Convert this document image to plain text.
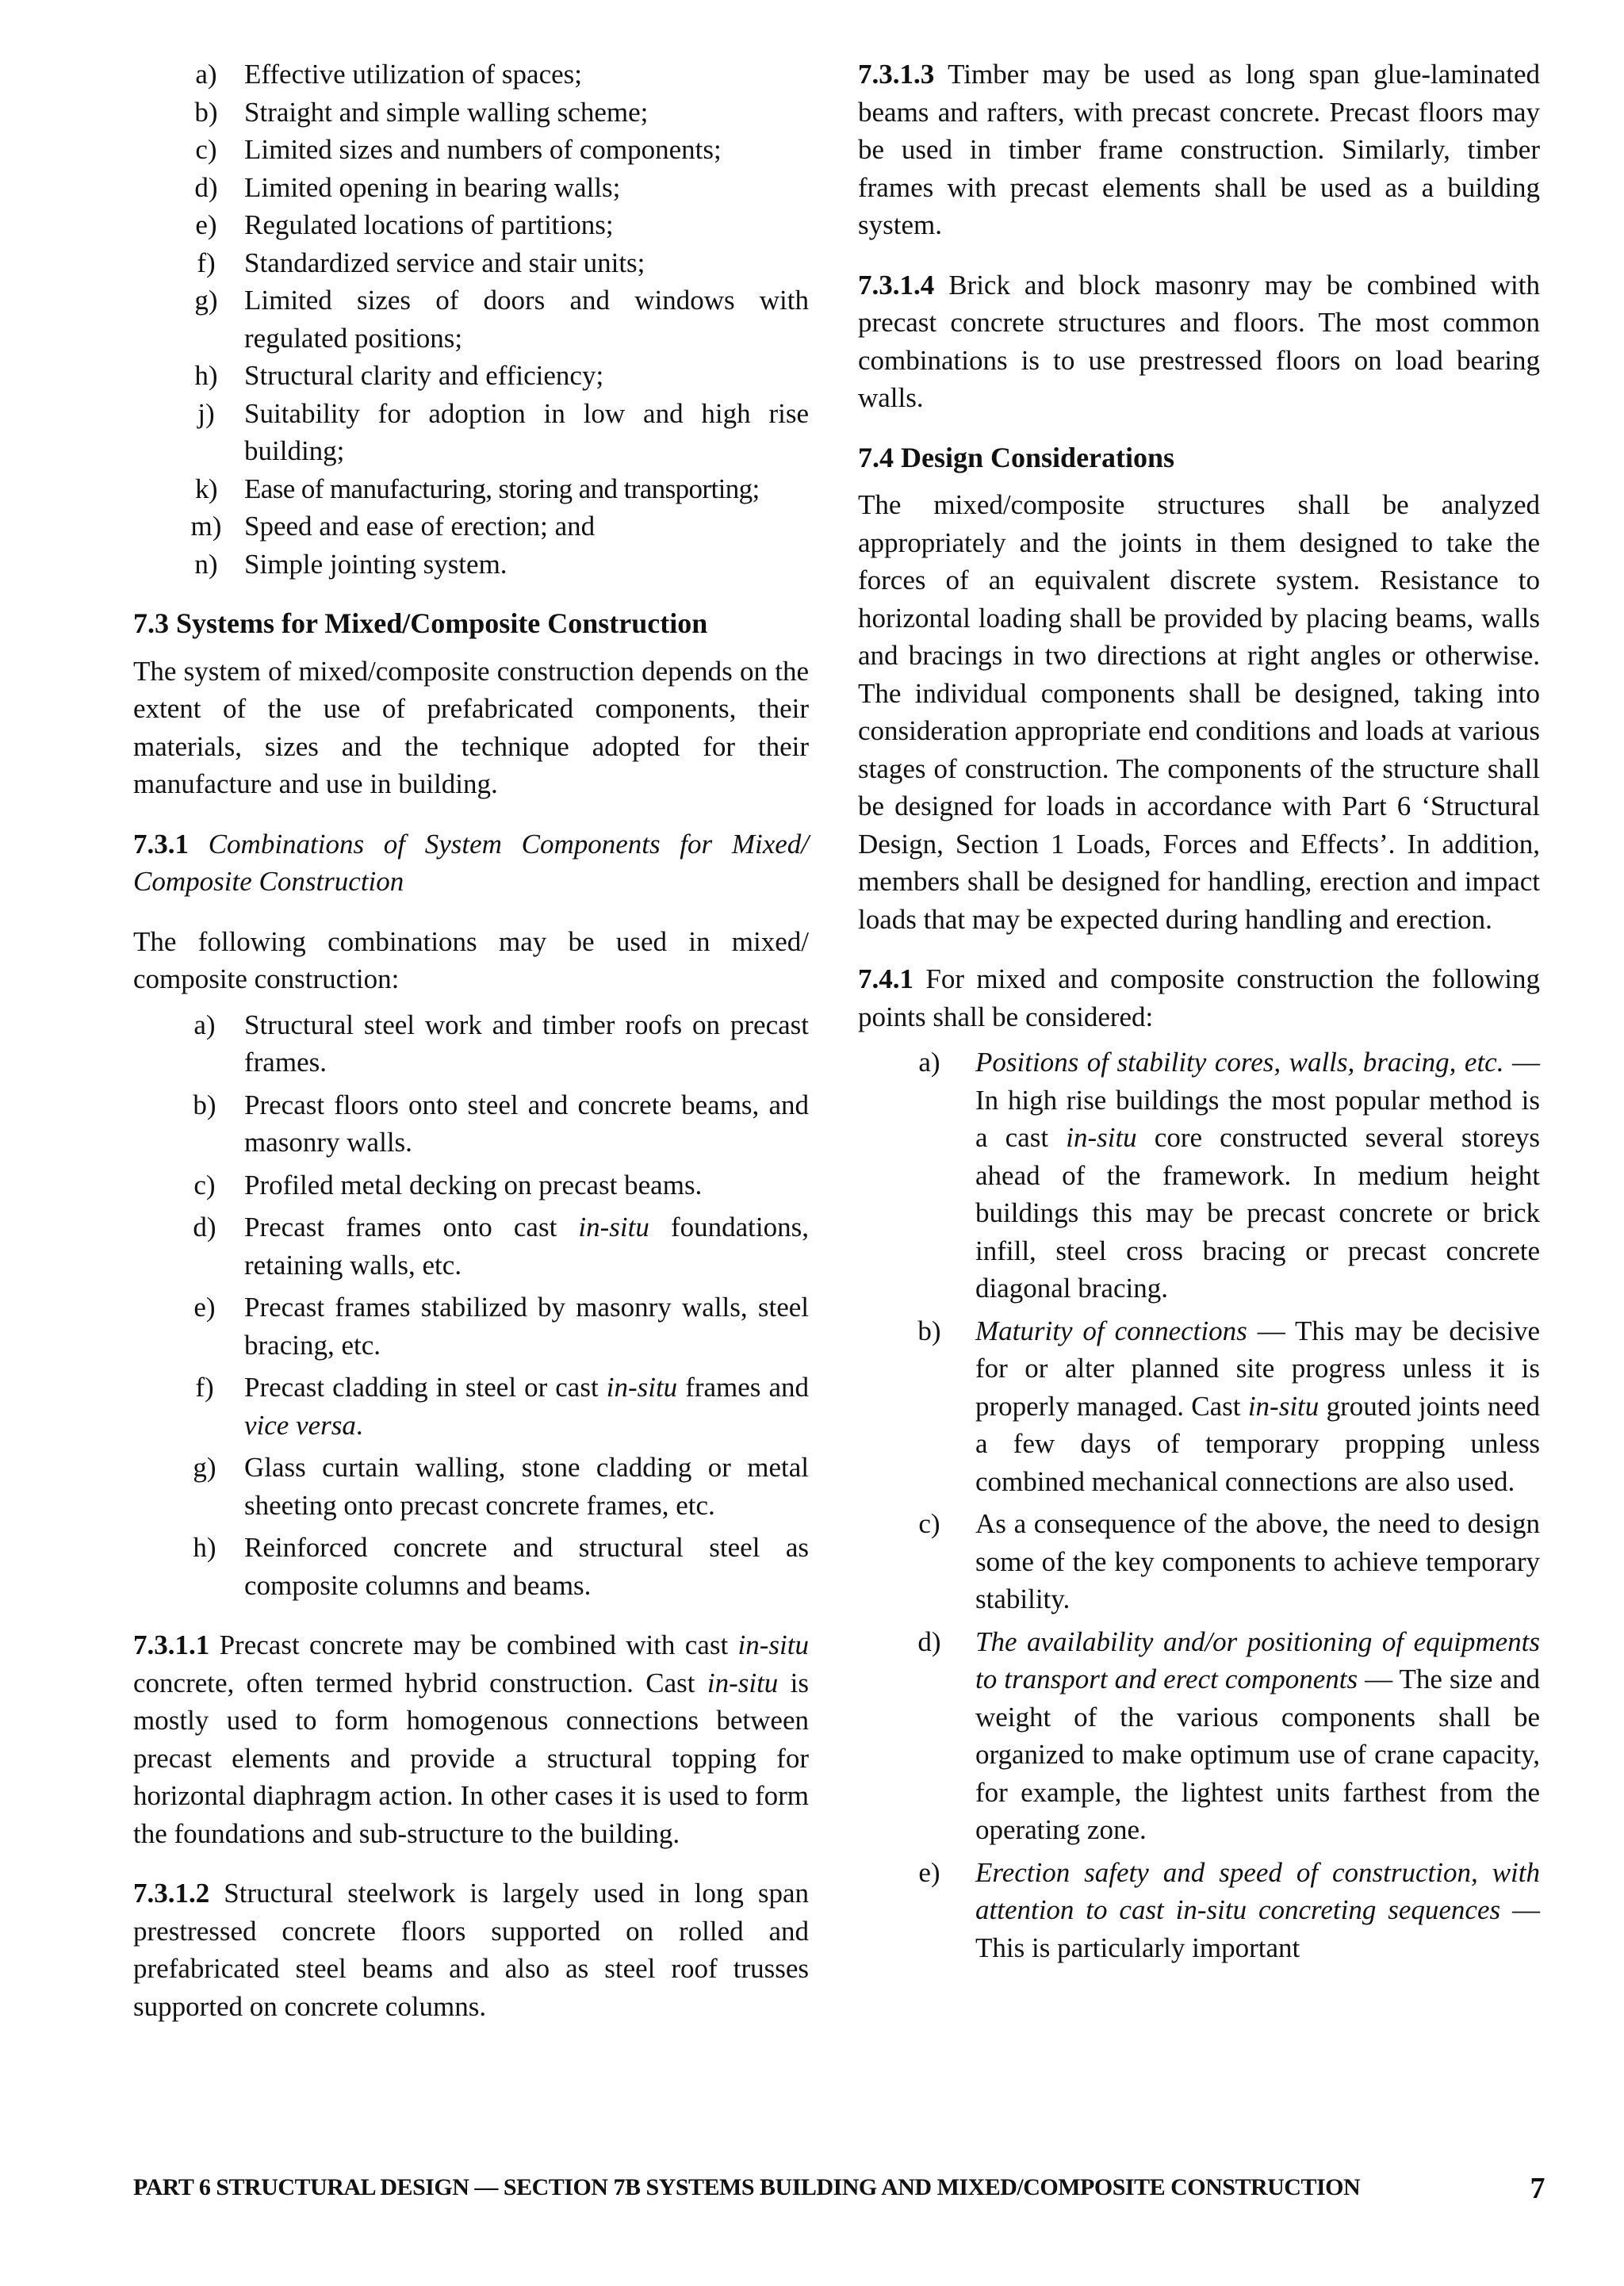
a) Effective utilization of spaces;
b) Straight and simple walling scheme;
c) Limited sizes and numbers of components;
d) Limited opening in bearing walls;
e) Regulated locations of partitions;
f)	Standardized service and stair units;
g) Limited sizes of doors and windows with regulated positions;
h) Structural clarity and efficiency;
j)	Suitability for adoption in low and high rise building;
k) Ease of manufacturing, storing and transporting;
m) Speed and ease of erection; and
n) Simple jointing system.

7.3 Systems for Mixed/Composite Construction

The system of mixed/composite construction depends on the extent of the use of prefabricated components, their materials, sizes and the technique adopted for their manufacture and use in building.

7.3.1 Combinations of System Components for Mixed/ Composite Construction

The following combinations may be used in mixed/ composite construction:

a)	Structural steel work and timber roofs on precast frames.
b)	Precast floors onto steel and concrete beams, and masonry walls.
c)	Profiled metal decking on precast beams.
d)	Precast frames onto cast in-situ foundations, retaining walls, etc.
e)	Precast frames stabilized by masonry walls, steel bracing, etc.
f)	Precast cladding in steel or cast in-situ frames and vice versa.
g)	Glass curtain walling, stone cladding or metal sheeting onto precast concrete frames, etc.
h)	Reinforced concrete and structural steel as composite columns and beams.

7.3.1.1 Precast concrete may be combined with cast in-situ concrete, often termed hybrid construction. Cast in-situ is mostly used to form homogenous connections between precast elements and provide a structural topping for horizontal diaphragm action. In other cases it is used to form the foundations and sub-structure to the building.

7.3.1.2 Structural steelwork is largely used in long span prestressed concrete floors supported on rolled and prefabricated steel beams and also as steel roof trusses supported on concrete columns.

7.3.1.3 Timber may be used as long span glue-laminated beams and rafters, with precast concrete. Precast floors may be used in timber frame construction. Similarly, timber frames with precast elements shall be used as a building system.

7.3.1.4 Brick and block masonry may be combined with precast concrete structures and floors. The most common combinations is to use prestressed floors on load bearing walls.

7.4 Design Considerations

The mixed/composite structures shall be analyzed appropriately and the joints in them designed to take the forces of an equivalent discrete system. Resistance to horizontal loading shall be provided by placing beams, walls and bracings in two directions at right angles or otherwise. The individual components shall be designed, taking into consideration appropriate end conditions and loads at various stages of construction. The components of the structure shall be designed for loads in accordance with Part 6 ‘Structural Design, Section 1 Loads, Forces and Effects’. In addition, members shall be designed for handling, erection and impact loads that may be expected during handling and erection.

7.4.1 For mixed and composite construction the following points shall be considered:

a)	Positions of stability cores, walls, bracing, etc. — In high rise buildings the most popular method is a cast in-situ core constructed several storeys ahead of the framework. In medium height buildings this may be precast concrete or brick infill, steel cross bracing or precast concrete diagonal bracing.
b)	Maturity of connections — This may be decisive for or alter planned site progress unless it is properly managed. Cast in-situ grouted joints need a few days of temporary propping unless combined mechanical connections are also used.
c)	As a consequence of the above, the need to design some of the key components to achieve temporary stability.
d)	The availability and/or positioning of equipments to transport and erect components — The size and weight of the various components shall be organized to make optimum use of crane capacity, for example, the lightest units farthest from the operating zone.
e)	Erection safety and speed of construction, with attention to cast in-situ concreting sequences — This is particularly important
PART 6 STRUCTURAL DESIGN — SECTION 7B SYSTEMS BUILDING AND MIXED/COMPOSITE CONSTRUCTION	7
